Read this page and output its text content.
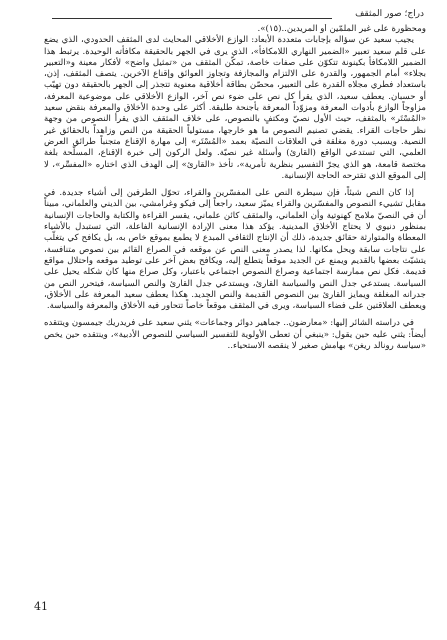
دراج؛ صور المثقف

ومحظورة على غير الملمّين أو المريدين..(١٥)».

يجيب سعيد عن سؤاله بإجابات متعددة الأبعاد: الوازع الأخلاقي المحايث لدى المثقف الحدودي، الذي يضع على قلم سعيد تعبير «الضمير النهاري اللامكافأ»، الذي يرى في الجهر بالحقيقة مكافأته الوحيدة. يرتبط هذا الضمير اللامكافأ بكينونة تتكوّن على صفات خاصة، تمكّن المثقف من «تمثيل واضح» لأفكار معينة و«التعبير بجلاء» أمام الجمهور، والقدرة على الالتزام والمجازفة وتجاوز العوائق وإقناع الآخرين. يتصف المثقف، إذن، باستعداد فطري مجلاه القدرة على التعبير، محصّن بطاقة أخلاقية معنوية تتجذر إلى الجهر بالحقيقة دون تهيّب أو حسبان. يعطف سعيد، الذي يقرأ كل نص على ضوء نص آخر، الوازع الأخلاقي على موضوعية المعرفة، مزاوجاً الوازع بأدوات المعرفة ومزوّداً المعرفة بأجنحة طليقة. أكثر على وحدة الأخلاق والمعرفة بنقض سعيد «المُسْتَر» بالمثقف، حيث الأول نصيّ ومكتفٍ بالنصوص، على خلاف المثقف الذي يقرأ النصوص من وجهة نظر حاجات القراء. يقضي تصنيم النصوص ما هو خارجها، مستولياً الحقيقة من النص وزاهداً بالحقائق غير النصية. ويسبب دورة مغلقة في العلاقات النصيّة بعمد «المُسْتَر» إلى مهارة الإقناع متجنباً طرائق العرض العلمي، التي تستدعي الواقع (القارئ) وأسئلة غير نصيّة. ولعل الركون إلى خبرة الإقناع، المسلّحة بلغة مختصة قامعة، هو الذي يجرّ التفسير بنظرية تأمرية»، تأخذ «القارئ» إلى الهدف الذي اختاره «المفسِّر»، لا إلى الموقع الذي تقترحه الحاجة الإنسانية.

إذا كان النص شيئاً، فإن سيطرة النص على المفسّرين والقراء، تحوّل الطرفين إلى أشياء جديدة. في مقابل تشييء النصوص والمفسّرين والقراء يميّز سعيد، راجعاً إلى فيكو وغرامشي، بين الديني والعلماني، مبيناً أن في النصيّ ملامح كهنوتية وأن العلماني، والمثقف كائن علماني، يقسر القراءة والكتابة والحاجات الإنسانية بمنظور دنيوي لا يحتاج الأخلاق المدينية. يؤكد هذا معنى الإرادة الإنسانية الفاعلة، التي تستبدل بالأشياء المعطاة والمتوارثة حقائق جديدة، ذلك أن الإنتاج الثقافي المبدع لا يطمع بموقع خاص به، بل يكافح كي يتغلّب على نتاجات سابقة ويحل مكانها. لذا يصدر معنى النص عن موقعه في الصراع القائم بين نصوص متنافسة، يتشيّث بعضها بالقديم ويمنع عن الجديد موقعاً يتطلع إليه، ويكافح بعض آخر على توطيد موقعه واحتلال مواقع قديمة. فكل نص ممارسة اجتماعية وصراع النصوص اجتماعي باعتبار، وكل صراع منها كان شكله يحيل على السياسة. يستدعي جدل النص والسياسة القارئ، ويستدعي جدل القارئ والنص السياسة، فيتحرر النص من جدرانه المغلقة ويمايز القارئ بين النصوص القديمة والنص الجديد. هكذا يعطف سعيد المعرفة على الأخلاق، ويعطف العلاقتين على فضاء السياسة، ويرى في المثقف موقعاً خاصاً تتحاور فيه الأخلاق والمعرفة والسياسة.

في دراسته الشائر إليها: «معارضون.. جماهير دوائر وجماعات» يثني سعيد على فريدريك جيمسون ويتتقده أيضاً: يثني عليه حين يقول: «ينبغي أن تعطى الأولوية للتفسير السياسي للنصوص الأدبية»، وينتقده حين يخص «سياسة رونالد ريغن» بهامش صغير لا ينقصه الاستحياء..

41
